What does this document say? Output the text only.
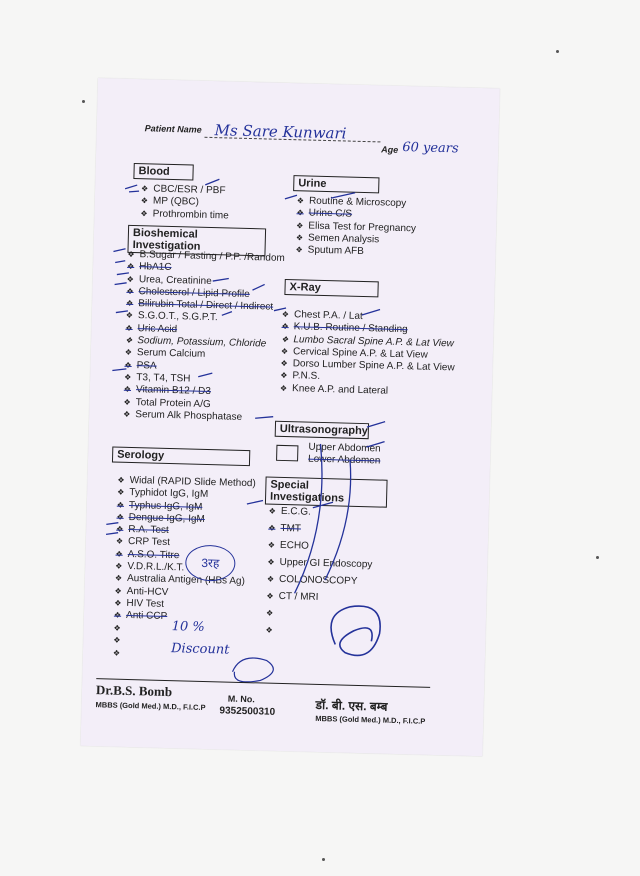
Patient Name Ms Sare Kunwari
Age 60 years
Blood
❖ CBC/ESR / PBF
❖ MP (QBC)
❖ Prothrombin time
Bioshemical Investigation
❖ B.Sugar / Fasting / P.P. /Random
❖ HbA1C
❖ Urea, Creatinine
❖ Cholesterol / Lipid Profile
❖ Bilirubin Total / Direct / Indirect
❖ S.G.O.T., S.G.P.T.
❖ Uric Acid
❖ Sodium, Potassium, Chloride
❖ Serum Calcium
❖ PSA
❖ T3, T4, TSH
❖ Vitamin B12 / D3
❖ Total Protein A/G
❖ Serum Alk Phosphatase
Urine
❖ Routine & Microscopy
❖ Urine C/S
❖ Elisa Test for Pregnancy
❖ Semen Analysis
❖ Sputum AFB
X-Ray
❖ Chest P.A. / Lat
❖ K.U.B. Routine / Standing
❖ Lumbo Sacral Spine A.P. & Lat View
❖ Cervical Spine A.P. & Lat View
❖ Dorso Lumber Spine A.P. & Lat View
❖ P.N.S.
❖ Knee A.P. and Lateral
Ultrasonography
Upper Abdomen
Lower Abdomen
Serology
❖ Widal (RAPID Slide Method)
❖ Typhidot IgG, IgM
❖ Typhus IgG, IgM
❖ Dengue IgG, IgM
❖ R.A. Test
❖ CRP Test
❖ A.S.O. Titre
❖ V.D.R.L./K.T.
❖ Australia Antigen (HBs Ag)
❖ Anti-HCV
❖ HIV Test
❖ Anti CCP
❖
❖
❖
Special Investigations
❖ E.C.G.
❖ TMT
❖ ECHO
❖ Upper GI Endoscopy
❖ COLONOSCOPY
❖ CT / MRI
❖
❖
10 % Discount
3रह
Dr.B.S. Bomb
MBBS (Gold Med.) M.D., F.I.C.P
M. No.
9352500310	डॉ. बी. एस. बम्ब
MBBS (Gold Med.) M.D., F.I.C.P
